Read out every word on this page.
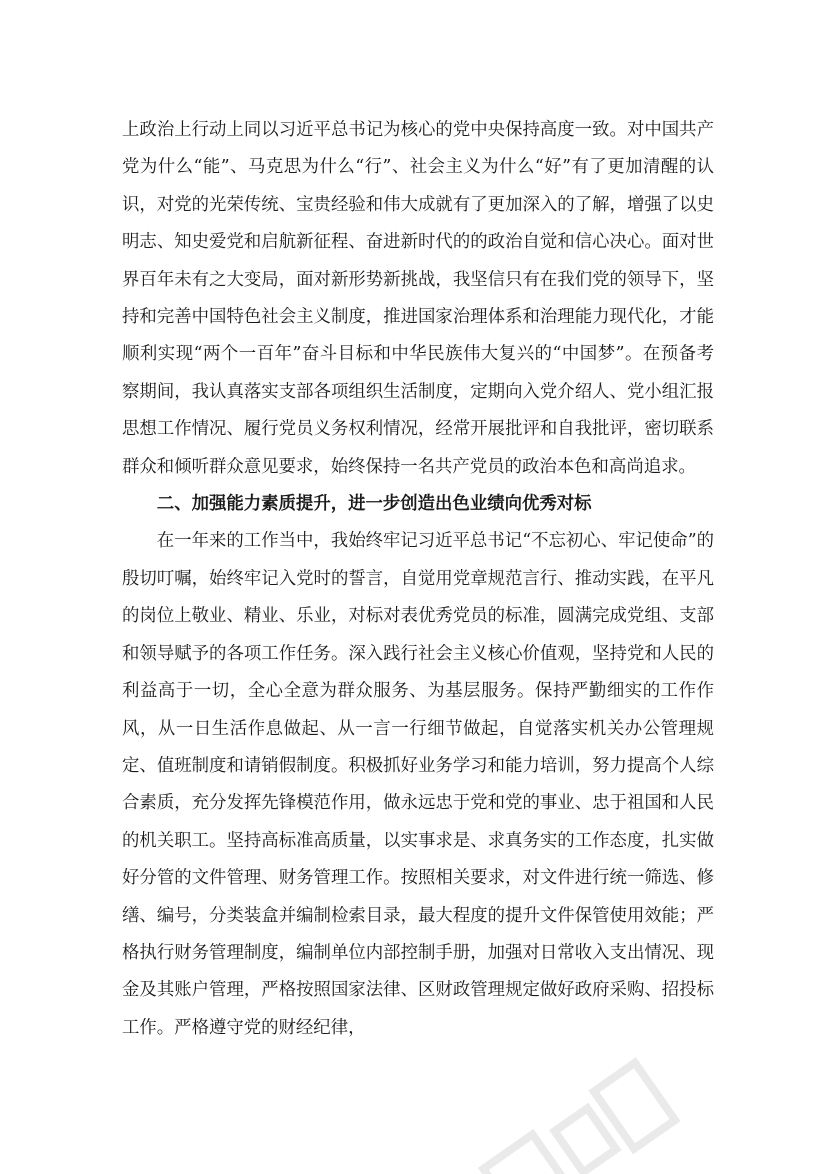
上政治上行动上同以习近平总书记为核心的党中央保持高度一致。对中国共产党为什么“能”、马克思为什么“行”、社会主义为什么“好”有了更加清醒的认识，对党的光荣传统、宝贵经验和伟大成就有了更加深入的了解，增强了以史明志、知史爱党和启航新征程、奋进新时代的的政治自觉和信心决心。面对世界百年未有之大变局，面对新形势新挑战，我坚信只有在我们党的领导下，坚持和完善中国特色社会主义制度，推进国家治理体系和治理能力现代化，才能顺利实现“两个一百年”奋斗目标和中华民族伟大复兴的“中国梦”。在预备考察期间，我认真落实支部各项组织生活制度，定期向入党介绍人、党小组汇报思想工作情况、履行党员义务权利情况，经常开展批评和自我批评，密切联系群众和倾听群众意见要求，始终保持一名共产党员的政治本色和高尚追求。

二、加强能力素质提升，进一步创造出色业绩向优秀对标

在一年来的工作当中，我始终牢记习近平总书记“不忘初心、牢记使命”的殷切叮嘱，始终牢记入党时的誓言，自觉用党章规范言行、推动实践，在平凡的岗位上敬业、精业、乐业，对标对表优秀党员的标准，圆满完成党组、支部和领导赋予的各项工作任务。深入践行社会主义核心价值观，坚持党和人民的利益高于一切，全心全意为群众服务、为基层服务。保持严勤细实的工作作风，从一日生活作息做起、从一言一行细节做起，自觉落实机关办公管理规定、值班制度和请销假制度。积极抓好业务学习和能力培训，努力提高个人综合素质，充分发挥先锋模范作用，做永远忠于党和党的事业、忠于祖国和人民的机关职工。坚持高标准高质量，以实事求是、求真务实的工作态度，扎实做好分管的文件管理、财务管理工作。按照相关要求，对文件进行统一筛选、修缮、编号，分类装盒并编制检索目录，最大程度的提升文件保管使用效能；严格执行财务管理制度，编制单位内部控制手册，加强对日常收入支出情况、现金及其账户管理，严格按照国家法律、区财政管理规定做好政府采购、招投标工作。严格遵守党的财经纪律，
